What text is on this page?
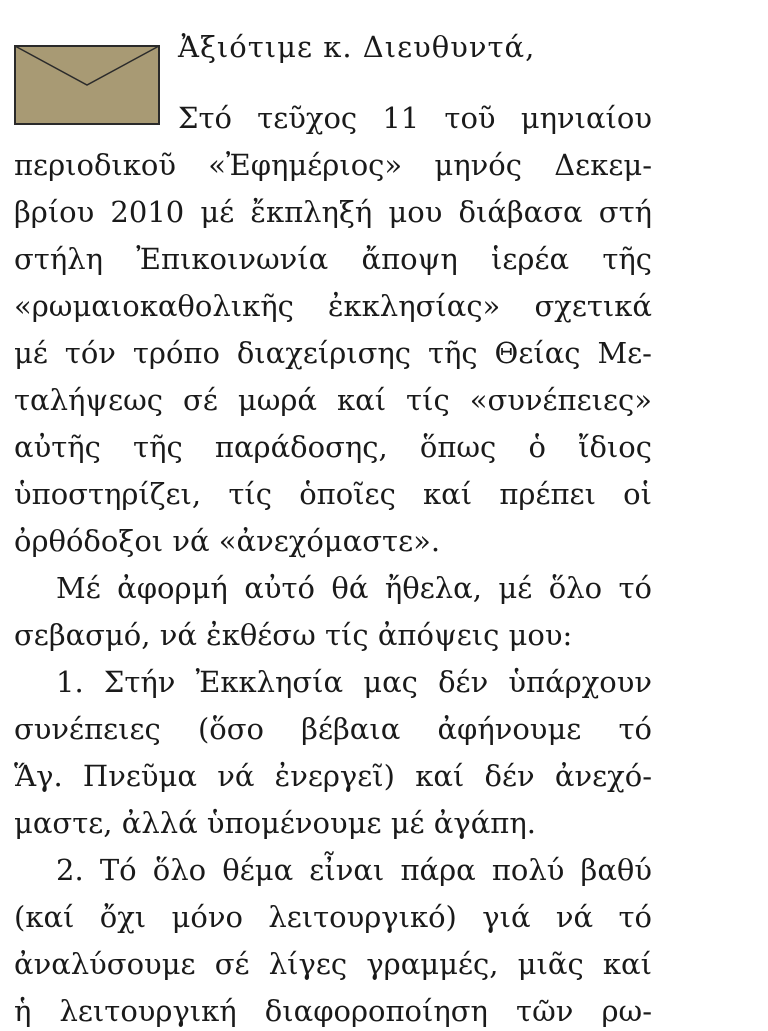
Ἀξιότιμε κ. Διευθυντά,
Στό τεῦχος 11 τοῦ μηνιαίου
περιοδικοῦ «Ἐφημέριος» μηνός Δεκεμ-
βρίου 2010 μέ ἔκπληξή μου διάβασα στή
στήλη Ἐπικοινωνία ἄποψη ἱερέα τῆς
«ρωμαιοκαθολικῆς ἐκκλησίας» σχετικά
μέ τόν τρόπο διαχείρισης τῆς Θείας Με-
ταλήψεως σέ μωρά καί τίς «συνέπειες»
αὐτῆς τῆς παράδοσης, ὅπως ὁ ἴδιος
ὑποστηρίζει, τίς ὁποῖες καί πρέπει οἱ
ὀρθόδοξοι νά «ἀνεχόμαστε».
Μέ ἀφορμή αὐτό θά ἤθελα, μέ ὅλο τό
σεβασμό, νά ἐκθέσω τίς ἀπόψεις μου:
1. Στήν Ἐκκλησία μας δέν ὑπάρχουν
συνέπειες (ὅσο βέβαια ἀφήνουμε τό
Ἅγ. Πνεῦμα νά ἐνεργεῖ) καί δέν ἀνεχό-
μαστε, ἀλλά ὑπομένουμε μέ ἀγάπη.
2. Τό ὅλο θέμα εἶναι πάρα πολύ βαθύ
(καί ὄχι μόνο λειτουργικό) γιά νά τό
ἀναλύσουμε σέ λίγες γραμμές, μιᾶς καί
ἡ λειτουργική διαφοροποίηση τῶν ρω-
